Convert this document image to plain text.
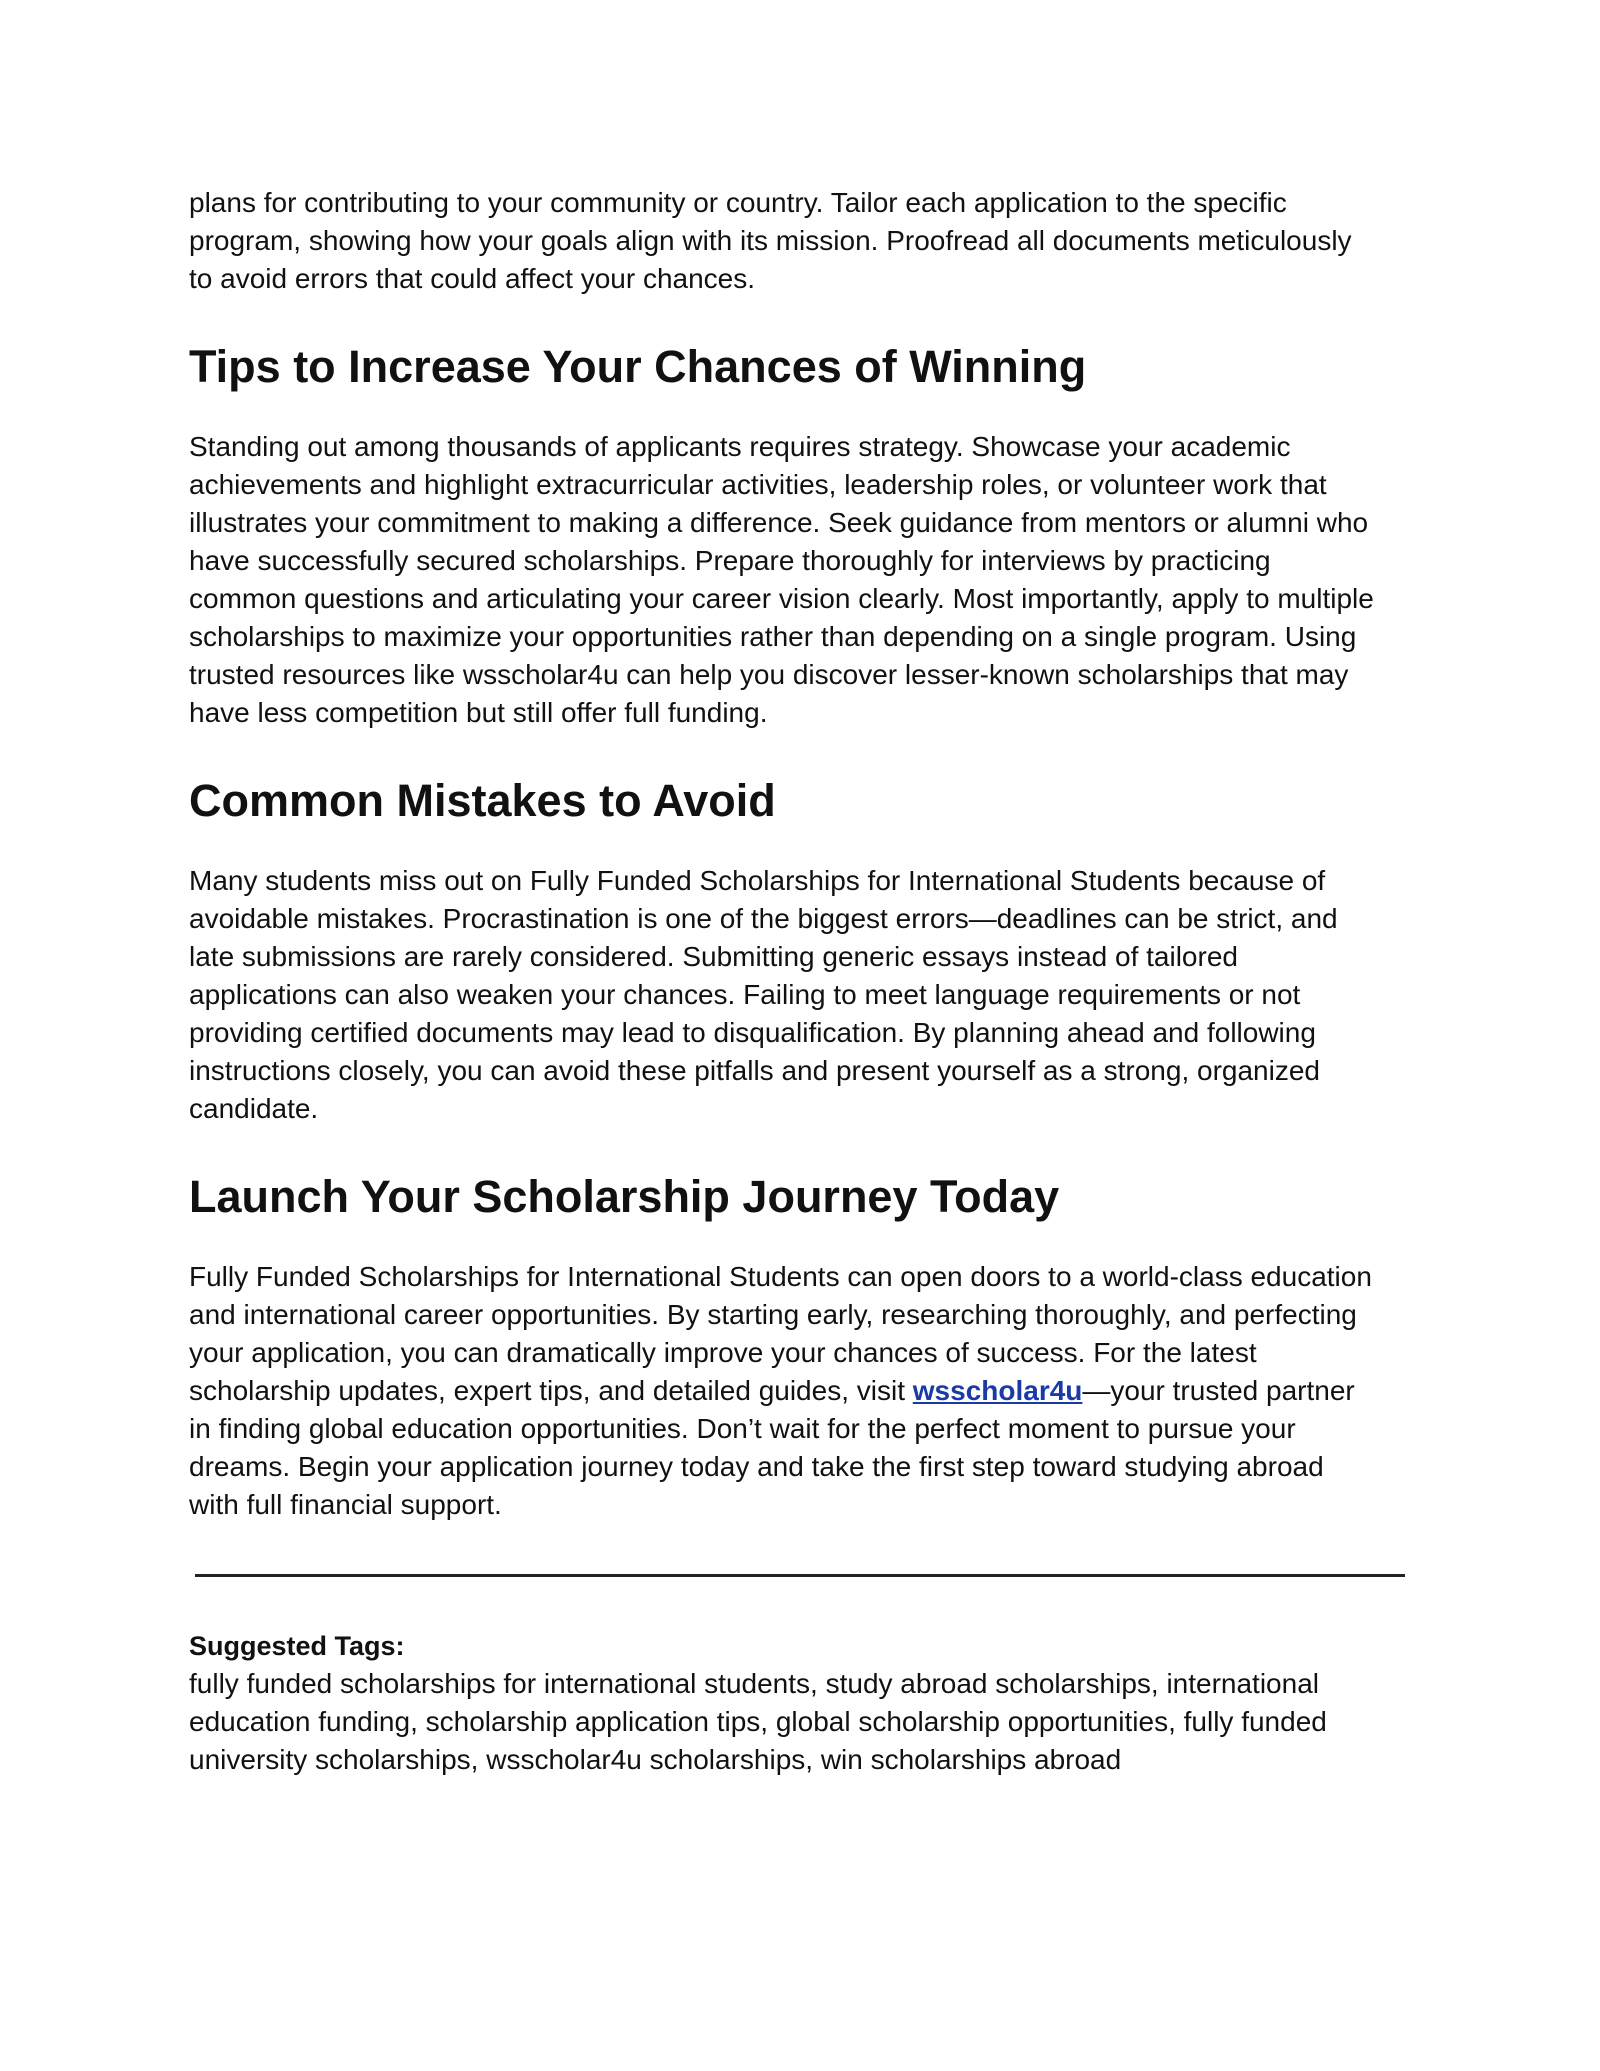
plans for contributing to your community or country. Tailor each application to the specific
program, showing how your goals align with its mission. Proofread all documents meticulously
to avoid errors that could affect your chances.

Tips to Increase Your Chances of Winning

Standing out among thousands of applicants requires strategy. Showcase your academic
achievements and highlight extracurricular activities, leadership roles, or volunteer work that
illustrates your commitment to making a difference. Seek guidance from mentors or alumni who
have successfully secured scholarships. Prepare thoroughly for interviews by practicing
common questions and articulating your career vision clearly. Most importantly, apply to multiple
scholarships to maximize your opportunities rather than depending on a single program. Using
trusted resources like wsscholar4u can help you discover lesser-known scholarships that may
have less competition but still offer full funding.

Common Mistakes to Avoid

Many students miss out on Fully Funded Scholarships for International Students because of
avoidable mistakes. Procrastination is one of the biggest errors—deadlines can be strict, and
late submissions are rarely considered. Submitting generic essays instead of tailored
applications can also weaken your chances. Failing to meet language requirements or not
providing certified documents may lead to disqualification. By planning ahead and following
instructions closely, you can avoid these pitfalls and present yourself as a strong, organized
candidate.

Launch Your Scholarship Journey Today

Fully Funded Scholarships for International Students can open doors to a world-class education
and international career opportunities. By starting early, researching thoroughly, and perfecting
your application, you can dramatically improve your chances of success. For the latest
scholarship updates, expert tips, and detailed guides, visit wsscholar4u—your trusted partner
in finding global education opportunities. Don’t wait for the perfect moment to pursue your
dreams. Begin your application journey today and take the first step toward studying abroad
with full financial support.

Suggested Tags:

fully funded scholarships for international students, study abroad scholarships, international
education funding, scholarship application tips, global scholarship opportunities, fully funded
university scholarships, wsscholar4u scholarships, win scholarships abroad
